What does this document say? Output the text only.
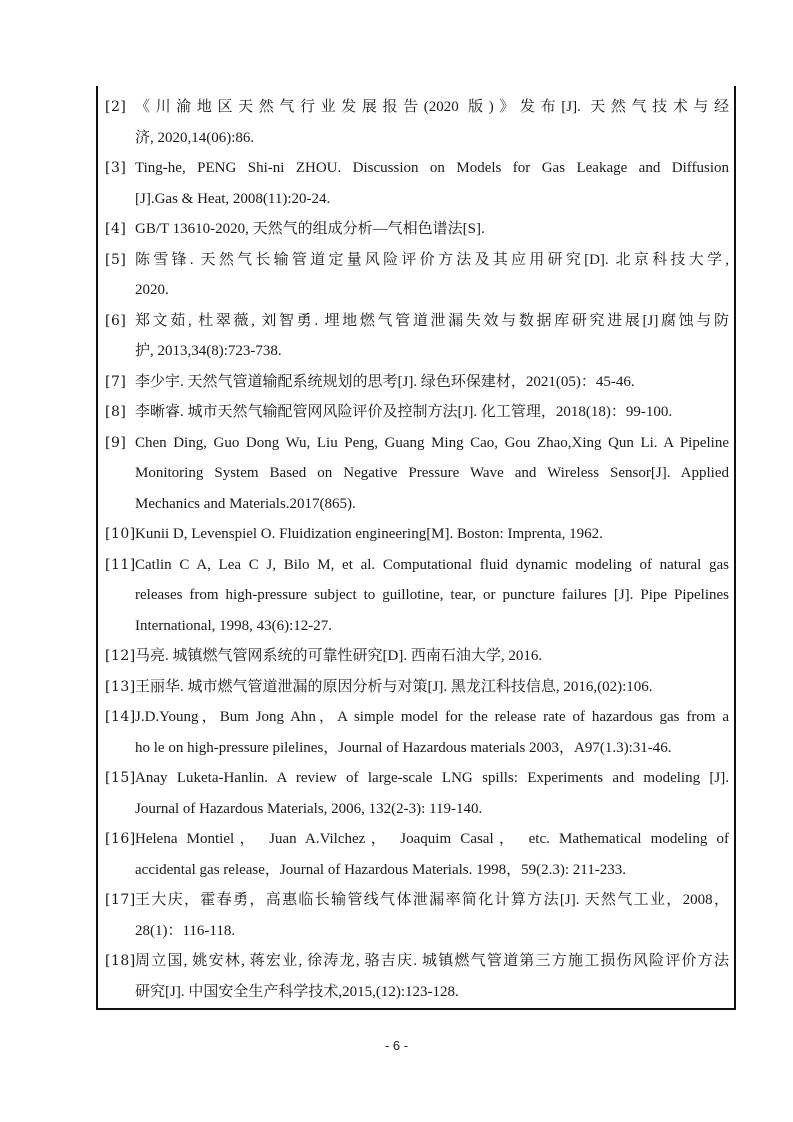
[2] 《川渝地区天然气行业发展报告(2020 版)》发布[J]. 天然气技术与经
济, 2020,14(06):86.
[3] Ting-he, PENG Shi-ni ZHOU. Discussion on Models for Gas Leakage and Diffusion
[J].Gas & Heat, 2008(11):20-24.
[4] GB/T 13610-2020, 天然气的组成分析—气相色谱法[S].
[5] 陈雪锋. 天然气长输管道定量风险评价方法及其应用研究[D]. 北京科技大学,
2020.
[6] 郑文茹, 杜翠薇, 刘智勇. 埋地燃气管道泄漏失效与数据库研究进展[J]腐蚀与防
护, 2013,34(8):723-738.
[7] 李少宇. 天然气管道输配系统规划的思考[J]. 绿色环保建材，2021(05)：45-46.
[8] 李晰睿. 城市天然气输配管网风险评价及控制方法[J]. 化工管理，2018(18)：99-100.
[9] Chen Ding, Guo Dong Wu, Liu Peng, Guang Ming Cao, Gou Zhao,Xing Qun Li. A Pipeline
Monitoring System Based on Negative Pressure Wave and Wireless Sensor[J]. Applied
Mechanics and Materials.2017(865).
[10] Kunii D, Levenspiel O. Fluidization engineering[M]. Boston: Imprenta, 1962.
[11] Catlin C A, Lea C J, Bilo M, et al. Computational fluid dynamic modeling of natural gas
releases from high-pressure subject to guillotine, tear, or puncture failures [J]. Pipe Pipelines
International, 1998, 43(6):12-27.
[12] 马亮. 城镇燃气管网系统的可靠性研究[D]. 西南石油大学, 2016.
[13] 王丽华. 城市燃气管道泄漏的原因分析与对策[J]. 黑龙江科技信息, 2016,(02):106.
[14] J.D.Young，Bum Jong Ahn，A simple model for the release rate of hazardous gas from a
ho le on high-pressure pilelines，Journal of Hazardous materials 2003，A97(1.3):31-46.
[15] Anay Luketa-Hanlin. A review of large-scale LNG spills: Experiments and modeling [J].
Journal of Hazardous Materials, 2006, 132(2-3): 119-140.
[16] Helena Montiel， Juan A.Vilchez， Joaquim Casal， etc. Mathematical modeling of
accidental gas release，Journal of Hazardous Materials. 1998，59(2.3): 211-233.
[17] 王大庆，霍春勇，高惠临长输管线气体泄漏率简化计算方法[J]. 天然气工业，2008，
28(1)：116-118.
[18] 周立国, 姚安林, 蒋宏业, 徐涛龙, 骆吉庆. 城镇燃气管道第三方施工损伤风险评价方法
研究[J]. 中国安全生产科学技术,2015,(12):123-128.
- 6 -
